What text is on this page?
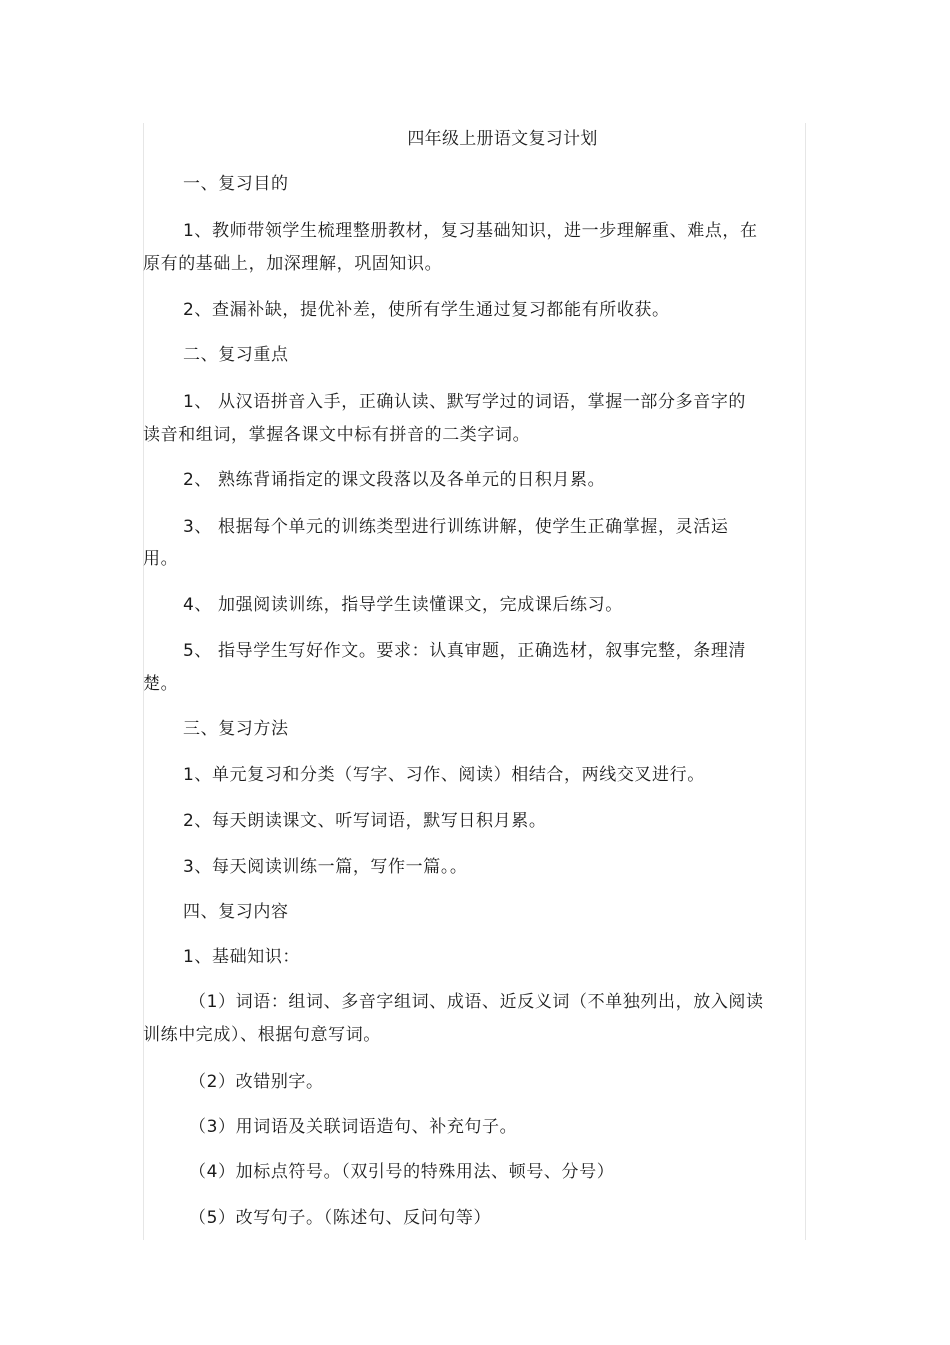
四年级上册语文复习计划
一、复习目的
1、教师带领学生梳理整册教材，复习基础知识，进一步理解重、难点，在
原有的基础上，加深理解，巩固知识。
2、查漏补缺，提优补差，使所有学生通过复习都能有所收获。
二、复习重点
1、 从汉语拼音入手，正确认读、默写学过的词语，掌握一部分多音字的
读音和组词，掌握各课文中标有拼音的二类字词。
2、 熟练背诵指定的课文段落以及各单元的日积月累。
3、 根据每个单元的训练类型进行训练讲解，使学生正确掌握，灵活运
用。
4、 加强阅读训练，指导学生读懂课文，完成课后练习。
5、 指导学生写好作文。要求：认真审题，正确选材，叙事完整，条理清
楚。
三、复习方法
1、单元复习和分类（写字、习作、阅读）相结合，两线交叉进行。
2、每天朗读课文、听写词语，默写日积月累。
3、每天阅读训练一篇，写作一篇。。
四、复习内容
1、基础知识：
（1）词语：组词、多音字组词、成语、近反义词（不单独列出，放入阅读
训练中完成）、根据句意写词。
（2）改错别字。
（3）用词语及关联词语造句、补充句子。
（4）加标点符号。（双引号的特殊用法、顿号、分号）
（5）改写句子。（陈述句、反问句等）
